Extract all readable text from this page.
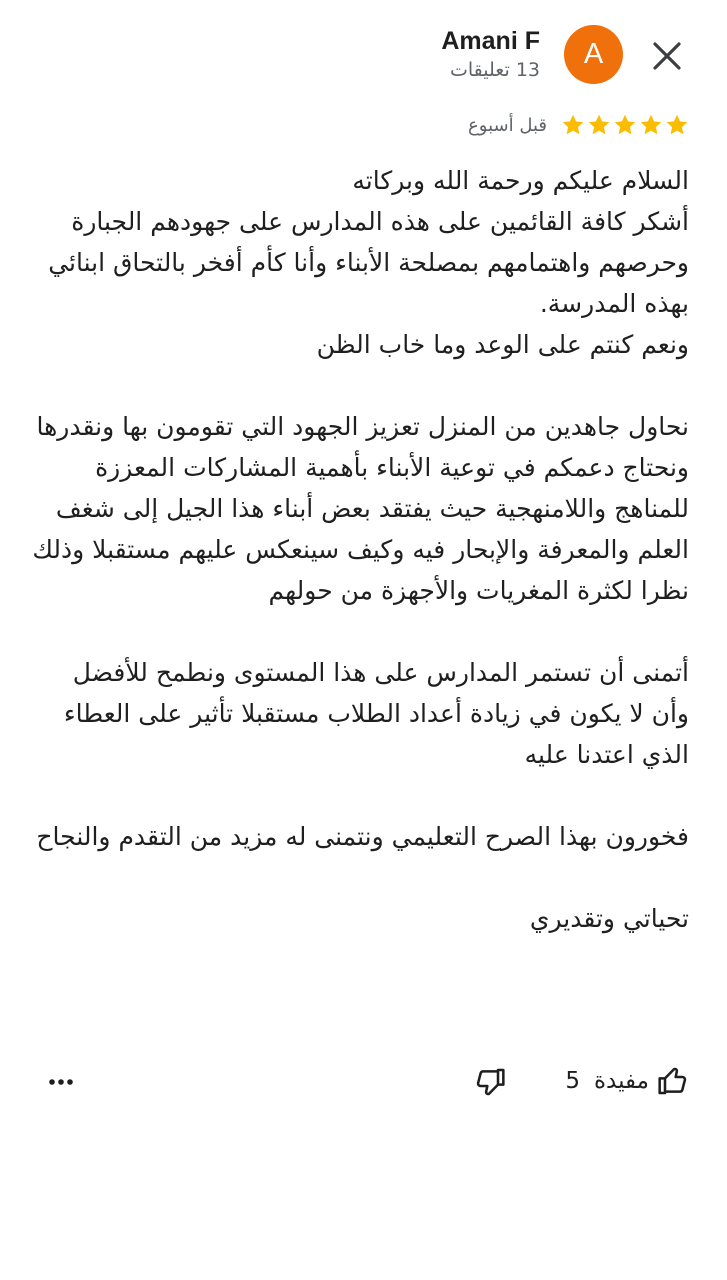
Amani F
13 تعليقات A
قبل أسبوع

السلام عليكم ورحمة الله وبركاته
أشكر كافة القائمين على هذه المدارس على جهودهم الجبارة وحرصهم واهتمامهم بمصلحة الأبناء وأنا كأم أفخر بالتحاق ابنائي بهذه المدرسة.
ونعم كنتم على الوعد وما خاب الظن

نحاول جاهدين من المنزل تعزيز الجهود التي تقومون بها ونقدرها ونحتاج دعمكم في توعية الأبناء بأهمية المشاركات المعززة للمناهج واللامنهجية حيث يفتقد بعض أبناء هذا الجيل إلى شغف العلم والمعرفة والإبحار فيه وكيف سينعكس عليهم مستقبلا وذلك نظرا لكثرة المغريات والأجهزة من حولهم

أتمنى أن تستمر المدارس على هذا المستوى ونطمح للأفضل وأن لا يكون في زيادة أعداد الطلاب مستقبلا تأثير على العطاء الذي اعتدنا عليه

فخورون بهذا الصرح التعليمي ونتمنى له مزيد من التقدم والنجاح

تحياتي وتقديري

مفيدة
5
